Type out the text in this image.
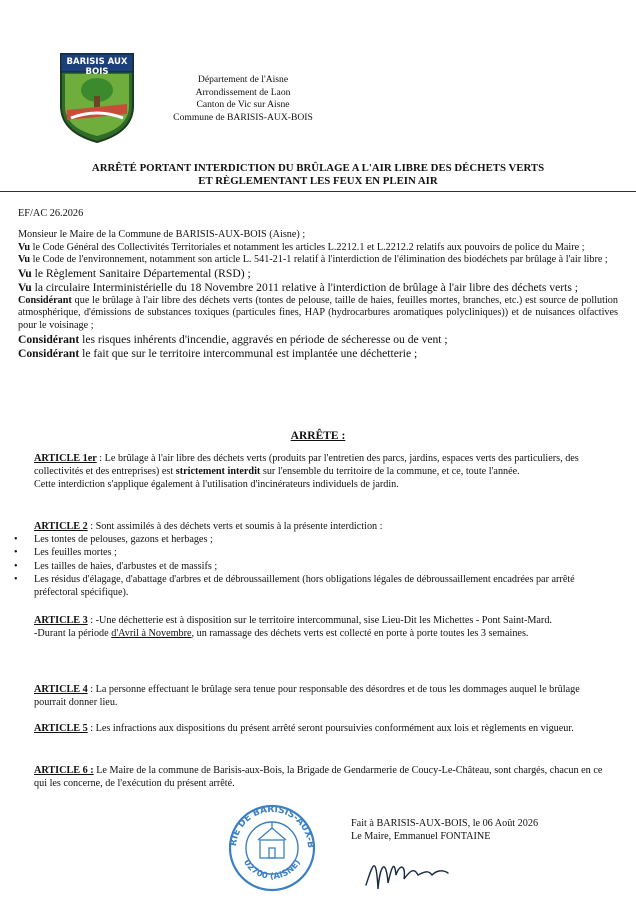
BARISIS AUX BOIS
Département de l'Aisne
Arrondissement de Laon
Canton de Vic sur Aisne
Commune de BARISIS-AUX-BOIS
ARRÊTÉ PORTANT INTERDICTION DU BRÛLAGE A L'AIR LIBRE DES DÉCHETS VERTS
ET RÈGLEMENTANT LES FEUX EN PLEIN AIR
EF/AC 26.2026

Monsieur le Maire de la Commune de BARISIS-AUX-BOIS (Aisne) ;

Vu le Code Général des Collectivités Territoriales et notamment les articles L.2212.1 et L.2212.2 relatifs aux pouvoirs de police du Maire ;

Vu le Code de l'environnement, notamment son article L. 541-21-1 relatif à l'interdiction de l'élimination des biodéchets par brûlage à l'air libre ;

Vu le Règlement Sanitaire Départemental (RSD) ;

Vu la circulaire Interministérielle du 18 Novembre 2011 relative à l'interdiction de brûlage à l'air libre des déchets verts ;

Considérant que le brûlage à l'air libre des déchets verts (tontes de pelouse, taille de haies, feuilles mortes, branches, etc.) est source de pollution atmosphérique, d'émissions de substances toxiques (particules fines, HAP (hydrocarbures aromatiques polycliniques)) et de nuisances olfactives pour le voisinage ;

Considérant les risques inhérents d'incendie, aggravés en période de sécheresse ou de vent ;

Considérant le fait que sur le territoire intercommunal est implantée une déchetterie ;

ARRÊTE :

ARTICLE 1er : Le brûlage à l'air libre des déchets verts (produits par l'entretien des parcs, jardins, espaces verts des particuliers, des collectivités et des entreprises) est strictement interdit sur l'ensemble du territoire de la commune, et ce, toute l'année.

Cette interdiction s'applique également à l'utilisation d'incinérateurs individuels de jardin.

ARTICLE 2 : Sont assimilés à des déchets verts et soumis à la présente interdiction :

• Les tontes de pelouses, gazons et herbages ;
• Les feuilles mortes ;
• Les tailles de haies, d'arbustes et de massifs ;
• Les résidus d'élagage, d'abattage d'arbres et de débroussaillement (hors obligations légales de débroussaillement encadrées par arrêté préfectoral spécifique).

ARTICLE 3 : -Une déchetterie est à disposition sur le territoire intercommunal, sise Lieu-Dit les Michettes - Pont Saint-Mard.

-Durant la période d'Avril à Novembre, un ramassage des déchets verts est collecté en porte à porte toutes les 3 semaines.

ARTICLE 4 : La personne effectuant le brûlage sera tenue pour responsable des désordres et de tous les dommages auquel le brûlage pourrait donner lieu.

ARTICLE 5 : Les infractions aux dispositions du présent arrêté seront poursuivies conformément aux lois et règlements en vigueur.

ARTICLE 6 : Le Maire de la commune de Barisis-aux-Bois, la Brigade de Gendarmerie de Coucy-Le-Château, sont chargés, chacun en ce qui les concerne, de l'exécution du présent arrêté.

RIE DE BARISIS-AUX-B
02700 (AISNE)
Fait à BARISIS-AUX-BOIS, le 06 Août 2026
Le Maire, Emmanuel FONTAINE
